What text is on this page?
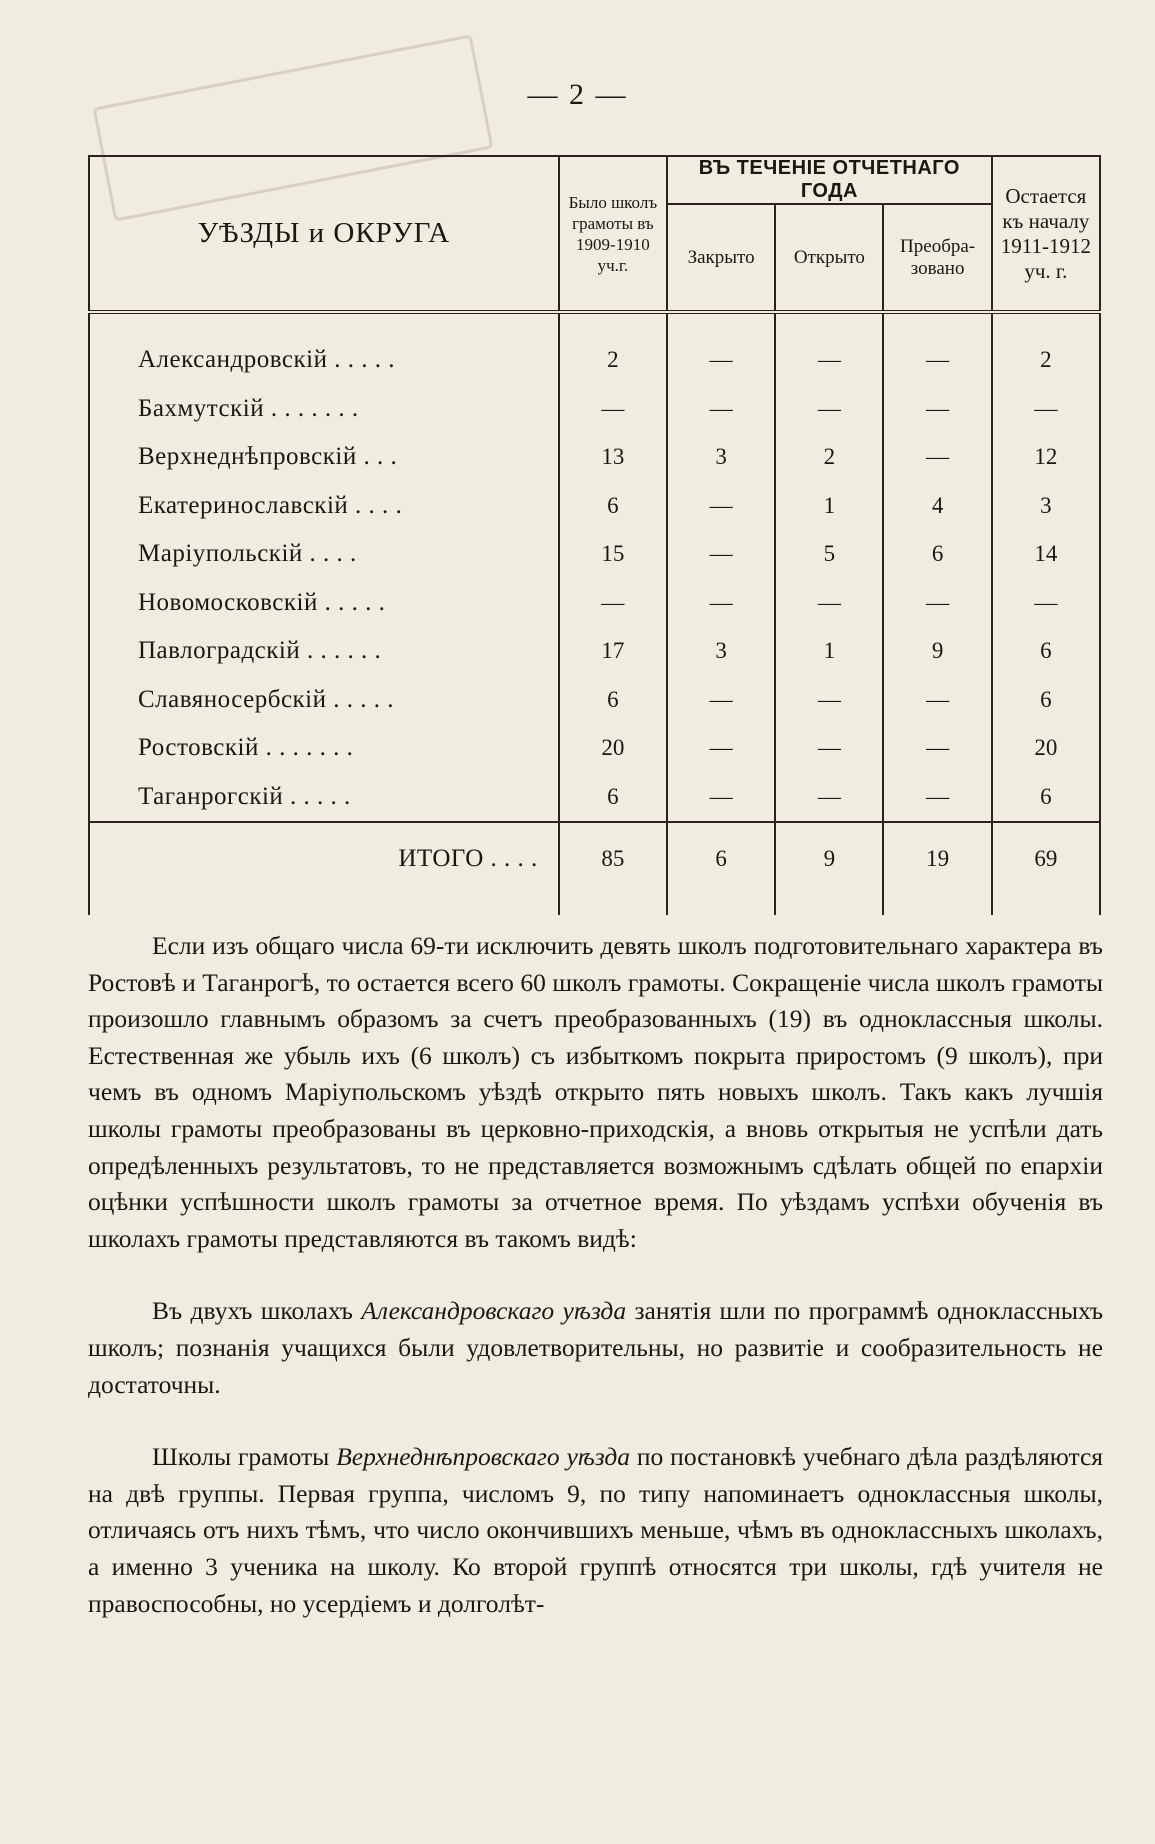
— 2 —
УѢЗДЫ и ОКРУГА	Было школъ грамоты въ 1909-1910 уч.г.	ВЪ ТЕЧЕНIЕ ОТЧЕТНАГО ГОДА			Остается къ началу 1911-1912 уч. г.
		Закрыто	Открыто	Преобра-зовано	
Александровскiй . . . . .	2	—	—	—	2
Бахмутскiй . . . . . . .	—	—	—	—	—
Верхнеднѣпровскiй . . .	13	3	2	—	12
Екатеринославскiй . . . .	6	—	1	4	3
Марiупольскiй . . . .	15	—	5	6	14
Новомосковскiй . . . . .	—	—	—	—	—
Павлоградскiй . . . . . .	17	3	1	9	6
Славяносербскiй . . . . .	6	—	—	—	6
Ростовскiй . . . . . . .	20	—	—	—	20
Таганрогскiй . . . . .	6	—	—	—	6
ИТОГО . . . .	85	6	9	19	69

Если изъ общаго числа 69-ти исключить девять школъ подготовительнаго характера въ Ростовѣ и Таганрогѣ, то остается всего 60 школъ грамоты. Сокращенiе числа школъ грамоты произошло главнымъ образомъ за счетъ преобразованныхъ (19) въ одноклассныя школы. Естественная же убыль ихъ (6 школъ) съ избыткомъ покрыта приростомъ (9 школъ), при чемъ въ одномъ Марiупольскомъ уѣздѣ открыто пять новыхъ школъ. Такъ какъ лучшiя школы грамоты преобразованы въ церковно-приходскiя, а вновь открытыя не успѣли дать опредѣленныхъ результатовъ, то не представляется возможнымъ сдѣлать общей по епархiи оцѣнки успѣшности школъ грамоты за отчетное время. По уѣздамъ успѣхи обученiя въ школахъ грамоты представляются въ такомъ видѣ:

Въ двухъ школахъ Александровскаго уѣзда занятiя шли по программѣ одноклассныхъ школъ; познанiя учащихся были удовлетворительны, но развитiе и сообразительность не достаточны.

Школы грамоты Верхнеднѣпровскаго уѣзда по постановкѣ учебнаго дѣла раздѣляются на двѣ группы. Первая группа, числомъ 9, по типу напоминаетъ одноклассныя школы, отличаясь отъ нихъ тѣмъ, что число окончившихъ меньше, чѣмъ въ одноклассныхъ школахъ, а именно 3 ученика на школу. Ко второй группѣ относятся три школы, гдѣ учителя не правоспособны, но усердiемъ и долголѣт-
